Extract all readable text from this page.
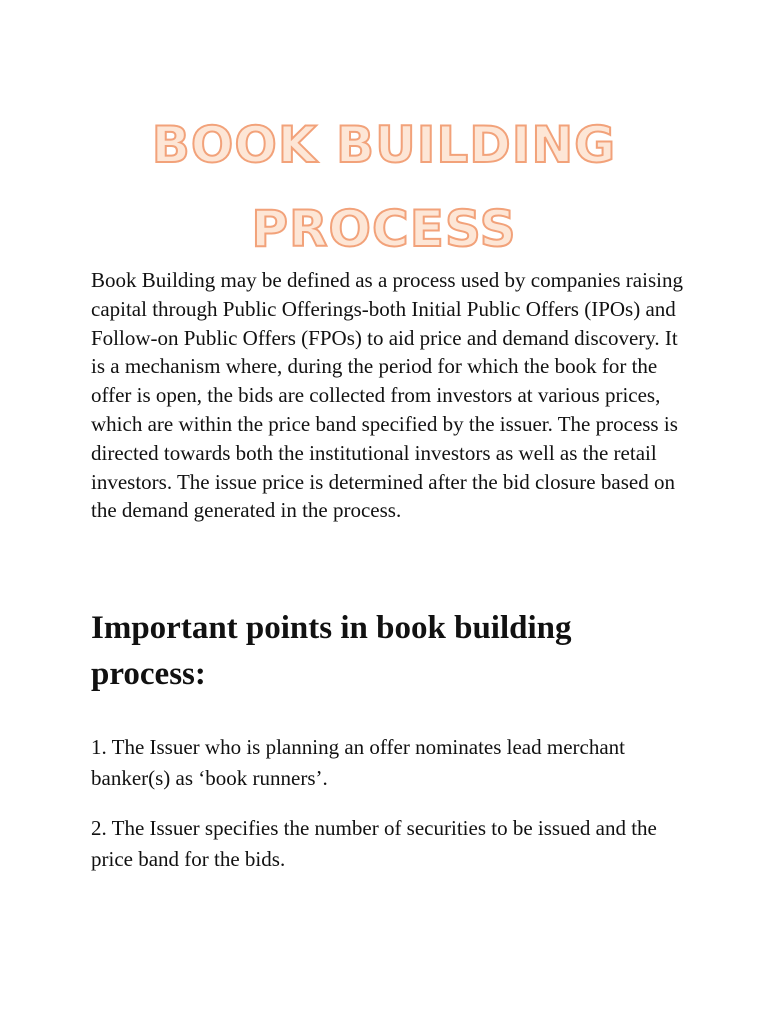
BOOK BUILDING
PROCESS

Book Building may be defined as a process used by companies raising capital through Public Offerings-both Initial Public Offers (IPOs) and Follow-on Public Offers (FPOs) to aid price and demand discovery. It is a mechanism where, during the period for which the book for the offer is open, the bids are collected from investors at various prices, which are within the price band specified by the issuer. The process is directed towards both the institutional investors as well as the retail investors. The issue price is determined after the bid closure based on the demand generated in the process.

Important points in book building process:

1. The Issuer who is planning an offer nominates lead merchant banker(s) as ‘book runners’.

2. The Issuer specifies the number of securities to be issued and the price band for the bids.
